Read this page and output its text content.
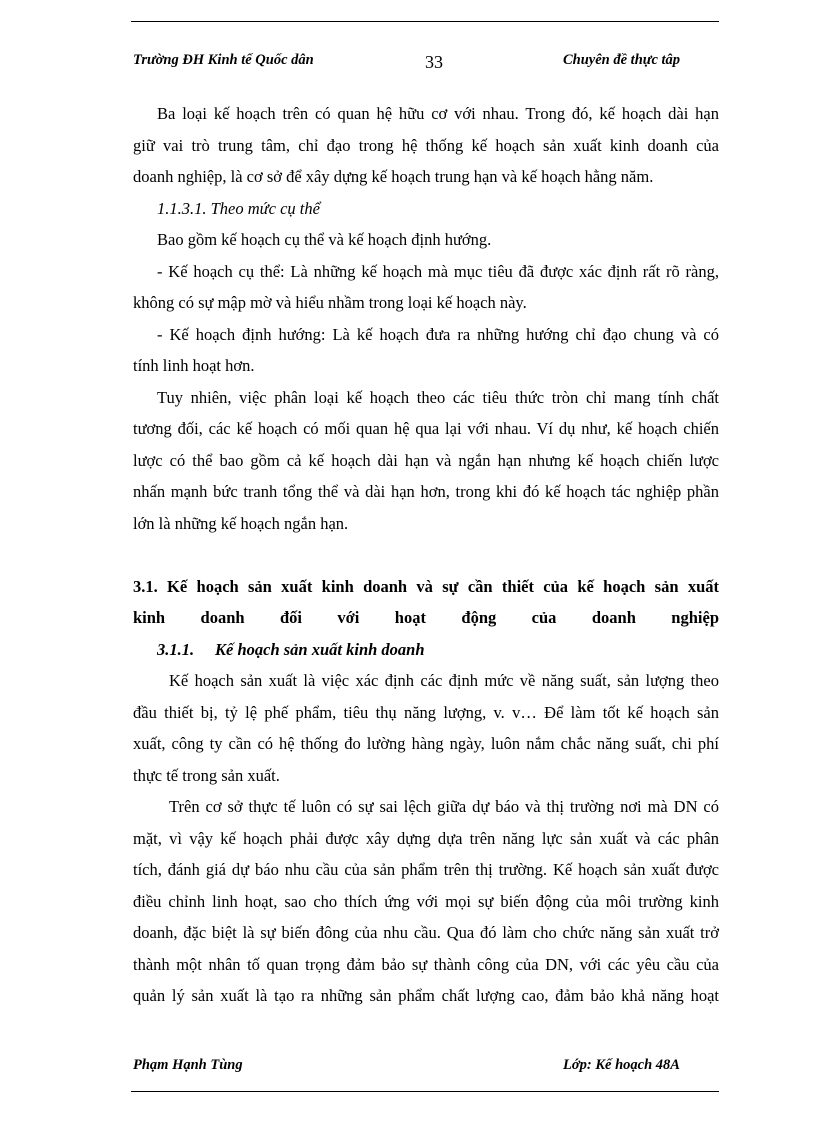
Trường ĐH Kinh tế Quốc dân	33	Chuyên đề thực tâp
Ba loại kế hoạch trên có quan hệ hữu cơ với nhau. Trong đó, kế hoạch dài hạn
giữ vai trò trung tâm, chỉ đạo trong hệ thống kế hoạch sản xuất kinh doanh của
doanh nghiệp, là cơ sở để xây dựng kế hoạch trung hạn và kế hoạch hằng năm.
1.1.3.1. Theo mức cụ thể
Bao gồm kế hoạch cụ thể và kế hoạch định hướng.
- Kế hoạch cụ thể: Là những kế hoạch mà mục tiêu đã được xác định rất rõ ràng,
không có sự mập mờ và hiểu nhầm trong loại kế hoạch này.
- Kế hoạch định hướng: Là kế hoạch đưa ra những hướng chỉ đạo chung và có
tính linh hoạt hơn.
Tuy nhiên, việc phân loại kế hoạch theo các tiêu thức tròn chỉ mang tính chất
tương đối, các kế hoạch có mối quan hệ qua lại với nhau. Ví dụ như, kế hoạch chiến
lược có thể bao gồm cả kế hoạch dài hạn và ngắn hạn nhưng kế hoạch chiến lược
nhấn mạnh bức tranh tổng thể và dài hạn hơn, trong khi đó kế hoạch tác nghiệp phần
lớn là những kế hoạch ngắn hạn.
3.1. Kế hoạch sản xuất kinh doanh và sự cần thiết của kế hoạch sản xuất
kinh doanh đối với hoạt động của doanh nghiệp
3.1.1. Kế hoạch sản xuất kinh doanh
Kế hoạch sản xuất là việc xác định các định mức về năng suất, sản lượng theo
đầu thiết bị, tỷ lệ phế phẩm, tiêu thụ năng lượng, v. v… Để làm tốt kế hoạch sản
xuất, công ty cần có hệ thống đo lường hàng ngày, luôn nắm chắc năng suất, chi phí
thực tế trong sản xuất.
Trên cơ sở thực tế luôn có sự sai lệch giữa dự báo và thị trường nơi mà DN có
mặt, vì vậy kế hoạch phải được xây dựng dựa trên năng lực sản xuất và các phân
tích, đánh giá dự báo nhu cầu của sản phẩm trên thị trường. Kế hoạch sản xuất được
điều chỉnh linh hoạt, sao cho thích ứng với mọi sự biến động của môi trường kinh
doanh, đặc biệt là sự biến đông của nhu cầu. Qua đó làm cho chức năng sản xuất trở
thành một nhân tố quan trọng đảm bảo sự thành công của DN, với các yêu cầu của
quản lý sản xuất là tạo ra những sản phẩm chất lượng cao, đảm bảo khả năng hoạt
Phạm Hạnh Tùng	Lớp: Kế hoạch 48A
